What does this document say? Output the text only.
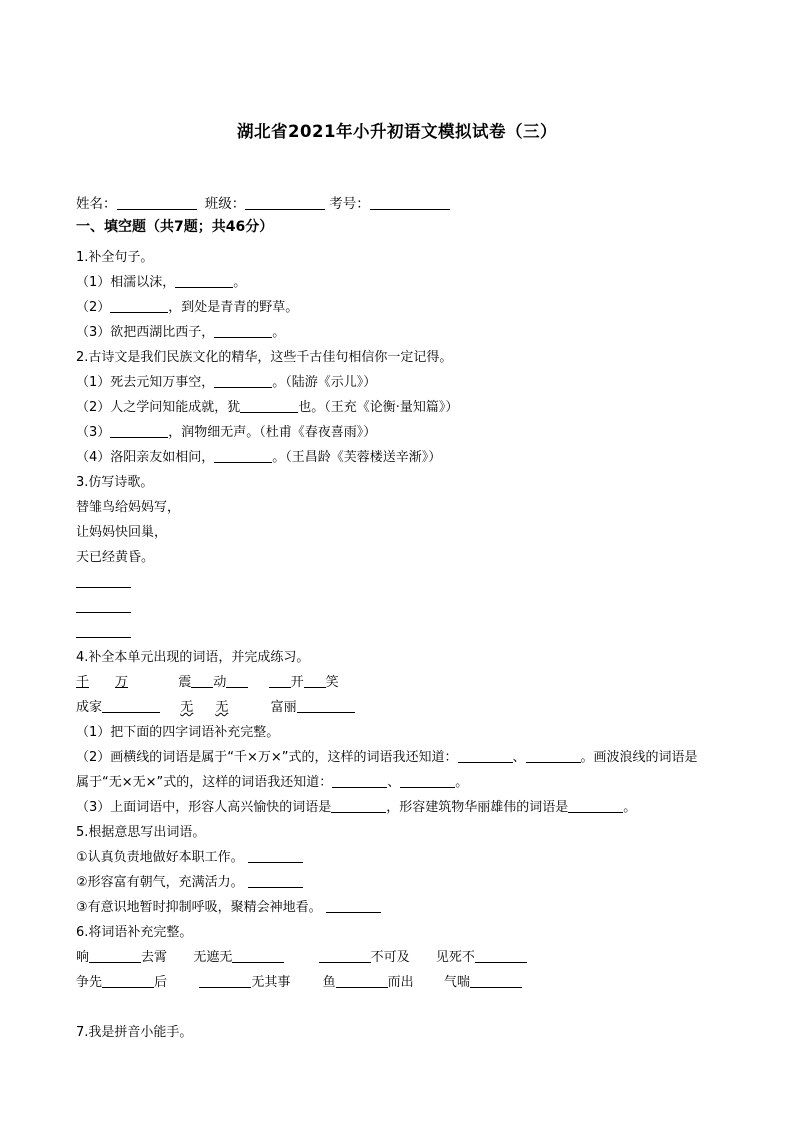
湖北省2021年小升初语文模拟试卷（三）
姓名：	班级：	考号：
一、填空题（共7题；共46分）
1.补全句子。
（1）相濡以沫，	。
（2）	，到处是青青的野草。
（3）欲把西湖比西子，	。
2.古诗文是我们民族文化的精华，这些千古佳句相信你一定记得。
（1）死去元知万事空，	。（陆游《示儿》）
（2）人之学问知能成就，犹	也。（王充《论衡·量知篇》）
（3）	，润物细无声。（杜甫《春夜喜雨》）
（4）洛阳亲友如相问，	。（王昌龄《芙蓉楼送辛渐》）
3.仿写诗歌。
替雏鸟给妈妈写，
让妈妈快回巢，
天已经黄昏。
4.补全本单元出现的词语，并完成练习。
千 万	震 动	开 笑
成家	无 无	富丽
（1）把下面的四字词语补充完整。
（2）画横线的词语是属于“千×万×”式的，这样的词语我还知道：	、	。画波浪线的词语是
属于“无×无×”式的，这样的词语我还知道：	、	。
（3）上面词语中，形容人高兴愉快的词语是	，形容建筑物华丽雄伟的词语是	。
5.根据意思写出词语。
①认真负责地做好本职工作。
②形容富有朝气，充满活力。
③有意识地暂时抑制呼吸，聚精会神地看。
6.将词语补充完整。
响	去霄 无遮无	不可及 见死不
争先	后	无其事 鱼	而出 气喘
7.我是拼音小能手。
